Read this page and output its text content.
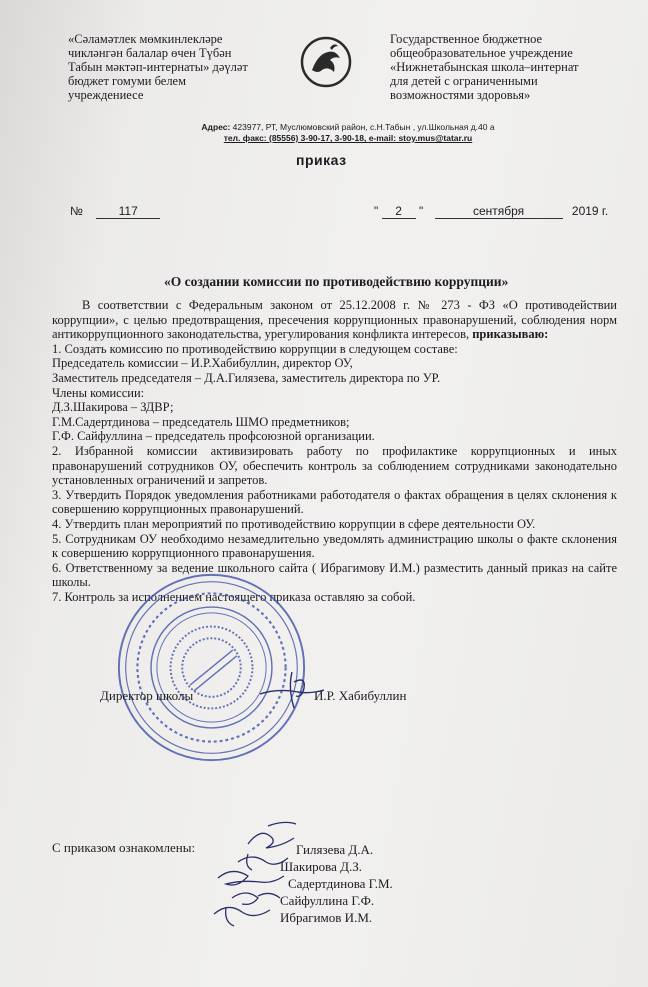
«Сәламәтлек мөмкинлекләре
чикләнгән балалар өчен Түбән
Табын мәктәп-интернаты» дәүләт
бюджет гомуми белем
учреждениесе
Государственное бюджетное
общеобразовательное учреждение
«Нижнетабынская школа–интернат
для детей с ограниченными
возможностями здоровья»
Адрес: 423977, РТ, Муслюмовский район, с.Н.Табын , ул.Школьная д.40 а
тел. факс: (85556) 3-90-17, 3-90-18, e-mail: stoy.mus@tatar.ru
приказ
№	117	" 2 "	сентября	2019 г.
«О создании комиссии по противодействию коррупции»

В соответствии с Федеральным законом от 25.12.2008 г. № 273 - ФЗ «О противодействии коррупции», с целью предотвращения, пресечения коррупционных правонарушений, соблюдения норм антикоррупционного законодательства, урегулирования конфликта интересов, приказываю:

1. Создать комиссию по противодействию коррупции в следующем составе:

Председатель комиссии – И.Р.Хабибуллин, директор ОУ,

Заместитель председателя – Д.А.Гилязева, заместитель директора по УР.

Члены комиссии:

Д.З.Шакирова – ЗДВР;

Г.М.Садертдинова – председатель ШМО предметников;

Г.Ф. Сайфуллина – председатель профсоюзной организации.

2. Избранной комиссии активизировать работу по профилактике коррупционных и иных правонарушений сотрудников ОУ, обеспечить контроль за соблюдением сотрудниками законодательно установленных ограничений и запретов.

3. Утвердить Порядок уведомления работниками работодателя о фактах обращения в целях склонения к совершению коррупционных правонарушений.

4. Утвердить план мероприятий по противодействию коррупции в сфере деятельности ОУ.

5. Сотрудникам ОУ необходимо незамедлительно уведомлять администрацию школы о факте склонения к совершению коррупционного правонарушения.

6. Ответственному за ведение школьного сайта ( Ибрагимову И.М.) разместить данный приказ на сайте школы.

7. Контроль за исполнением настоящего приказа оставляю за собой.

Директор школы	И.Р. Хабибуллин
С приказом ознакомлены:	Гилязева Д.А.
Шакирова Д.З.
Садертдинова Г.М.
Сайфуллина Г.Ф.
Ибрагимов И.М.
